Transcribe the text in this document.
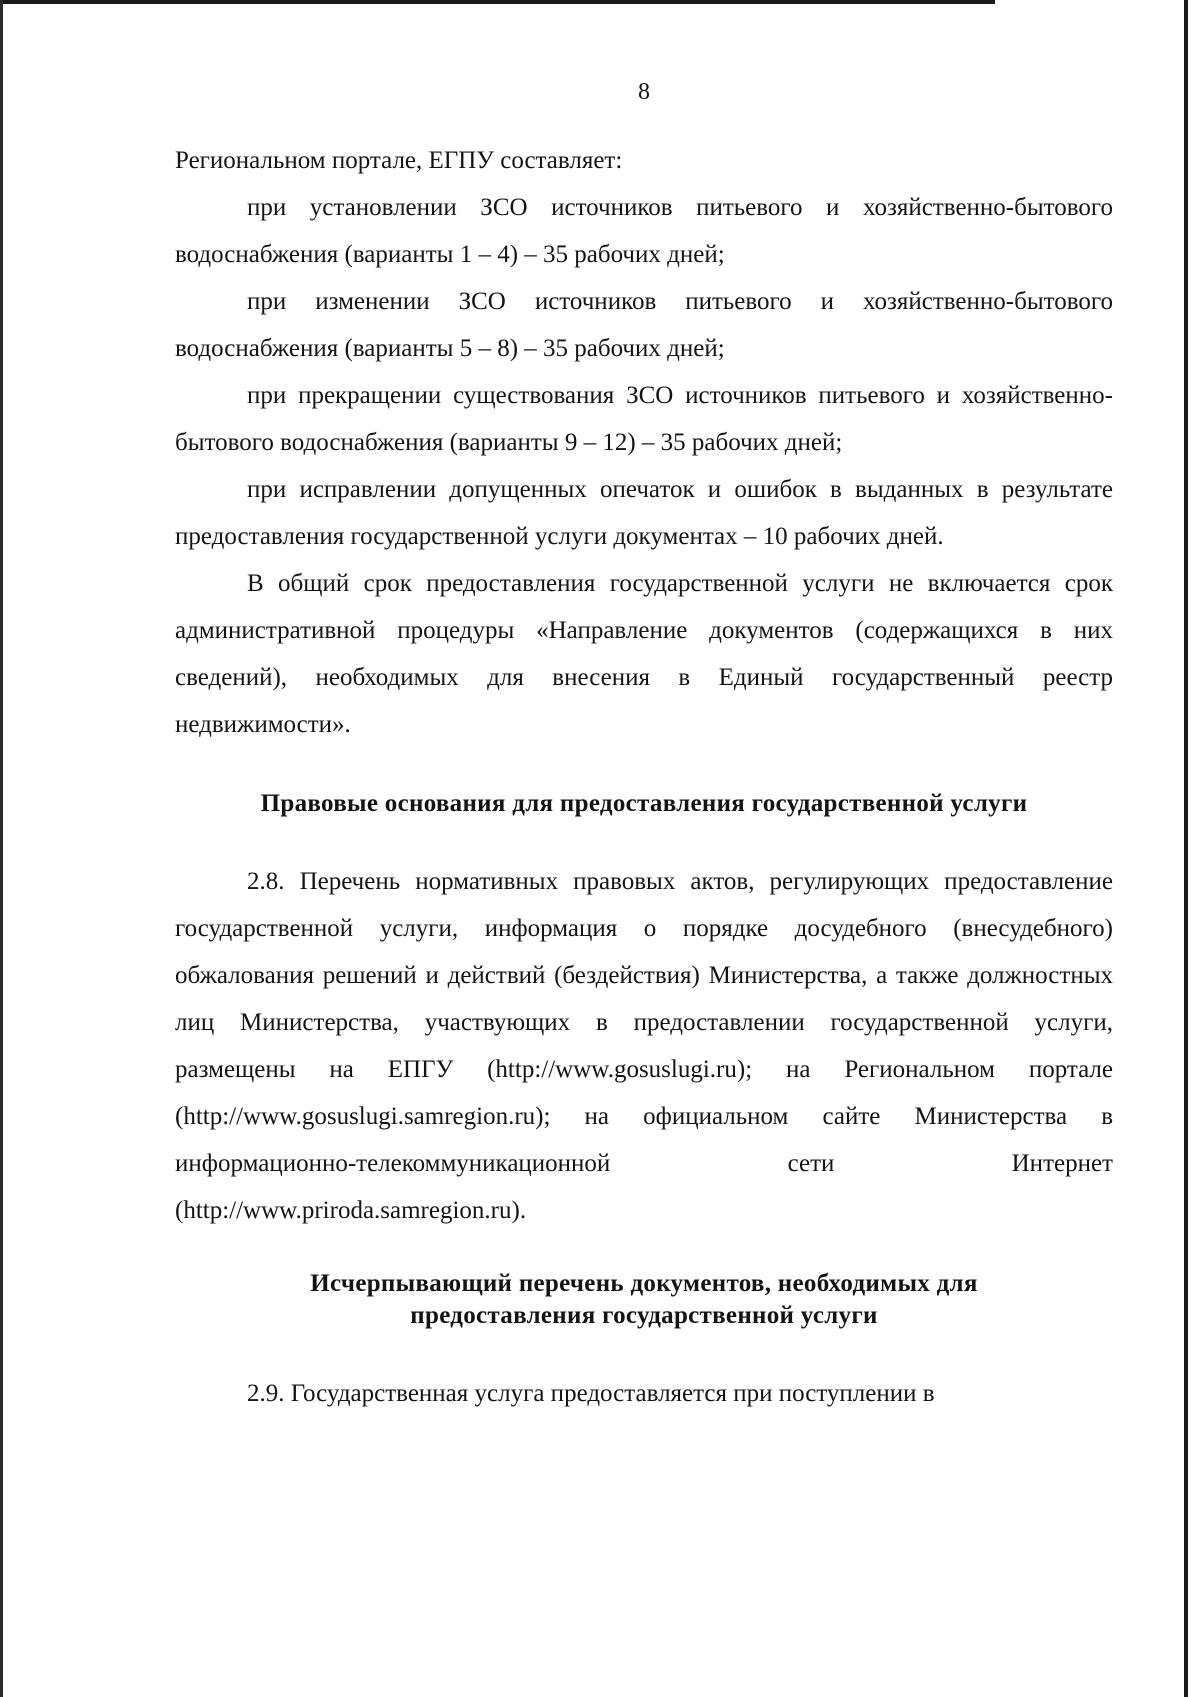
8

Региональном портале, ЕГПУ составляет:

при установлении ЗСО источников питьевого и хозяйственно-бытового водоснабжения (варианты 1 – 4) – 35 рабочих дней;

при изменении ЗСО источников питьевого и хозяйственно-бытового водоснабжения (варианты 5 – 8) – 35 рабочих дней;

при прекращении существования ЗСО источников питьевого и хозяйственно-бытового водоснабжения (варианты 9 – 12) – 35 рабочих дней;

при исправлении допущенных опечаток и ошибок в выданных в результате предоставления государственной услуги документах – 10 рабочих дней.

В общий срок предоставления государственной услуги не включается срок административной процедуры «Направление документов (содержащихся в них сведений), необходимых для внесения в Единый государственный реестр недвижимости».

Правовые основания для предоставления государственной услуги

2.8. Перечень нормативных правовых актов, регулирующих предоставление государственной услуги, информация о порядке досудебного (внесудебного) обжалования решений и действий (бездействия) Министерства, а также должностных лиц Министерства, участвующих в предоставлении государственной услуги, размещены на ЕПГУ (http://www.gosuslugi.ru); на Региональном портале (http://www.gosuslugi.samregion.ru); на официальном сайте Министерства в информационно-телекоммуникационной сети Интернет (http://www.priroda.samregion.ru).

Исчерпывающий перечень документов, необходимых для предоставления государственной услуги

2.9. Государственная услуга предоставляется при поступлении в
